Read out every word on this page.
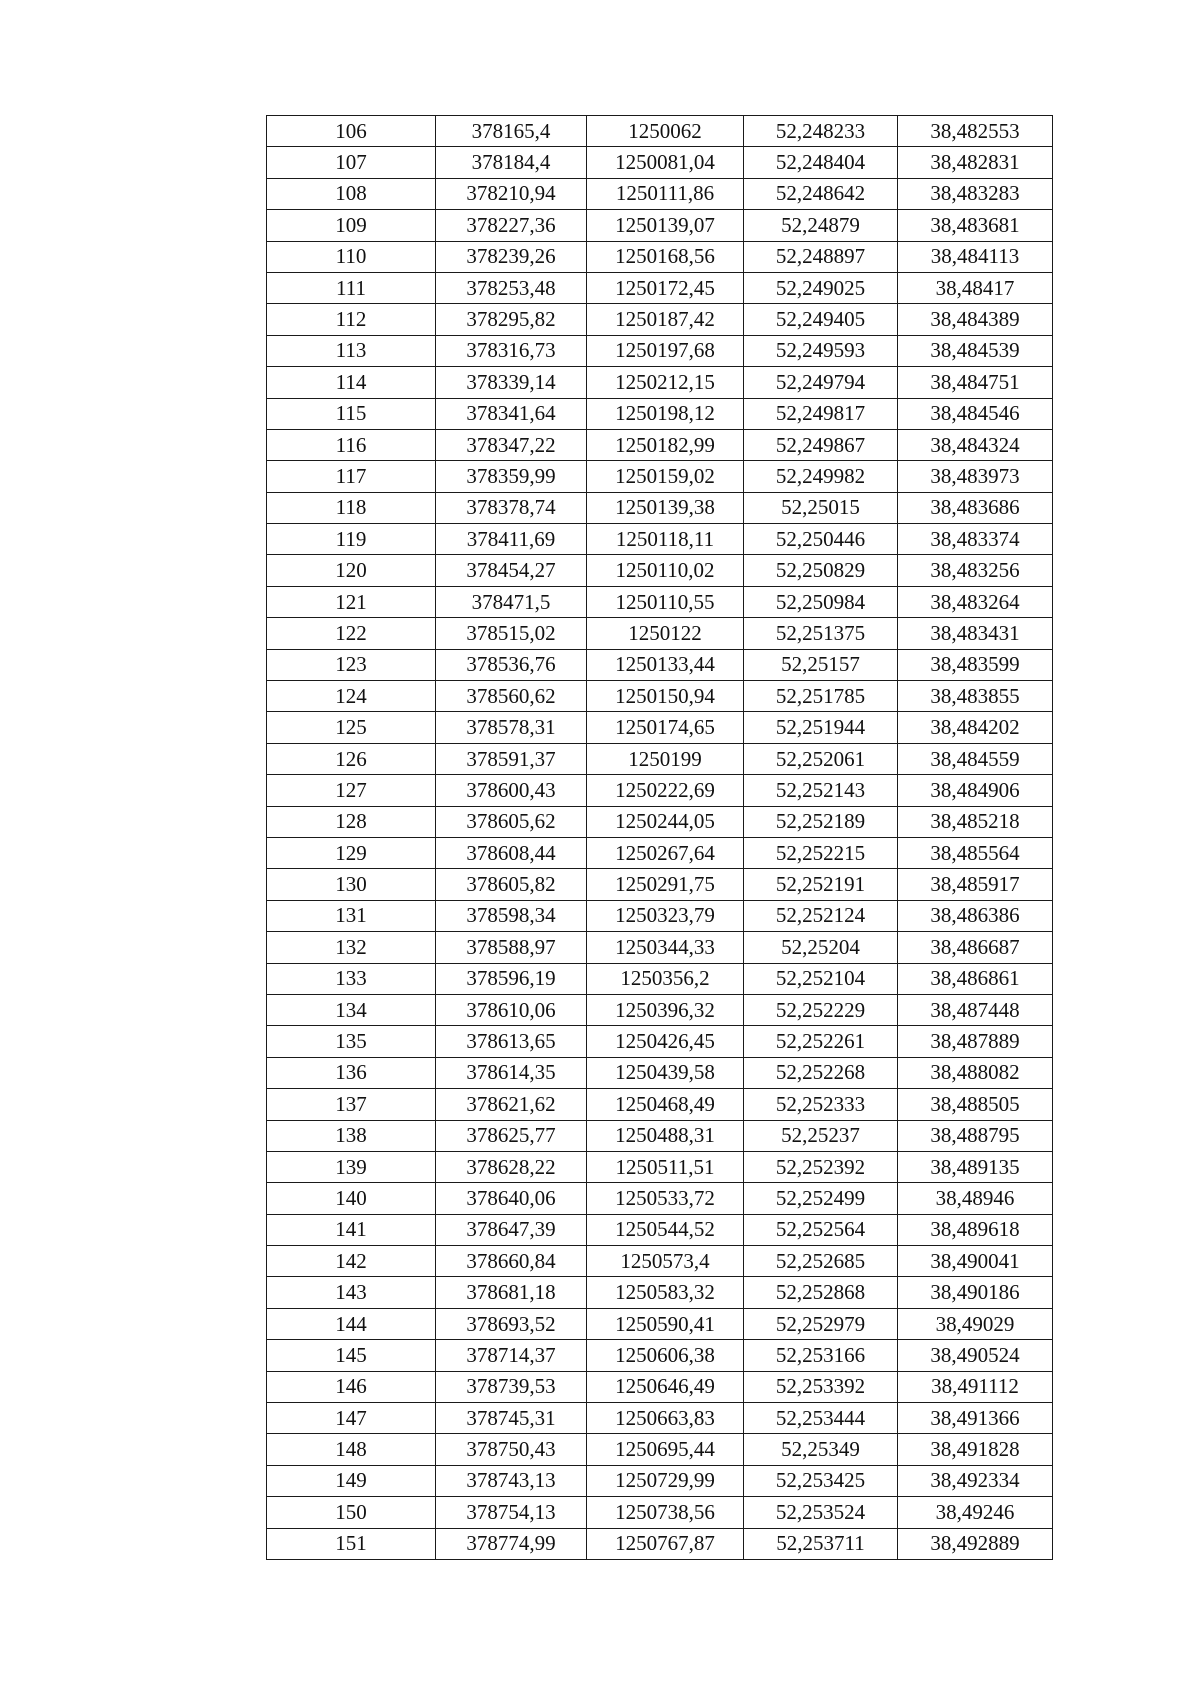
106	378165,4	1250062	52,248233	38,482553
107	378184,4	1250081,04	52,248404	38,482831
108	378210,94	1250111,86	52,248642	38,483283
109	378227,36	1250139,07	52,24879	38,483681
110	378239,26	1250168,56	52,248897	38,484113
111	378253,48	1250172,45	52,249025	38,48417
112	378295,82	1250187,42	52,249405	38,484389
113	378316,73	1250197,68	52,249593	38,484539
114	378339,14	1250212,15	52,249794	38,484751
115	378341,64	1250198,12	52,249817	38,484546
116	378347,22	1250182,99	52,249867	38,484324
117	378359,99	1250159,02	52,249982	38,483973
118	378378,74	1250139,38	52,25015	38,483686
119	378411,69	1250118,11	52,250446	38,483374
120	378454,27	1250110,02	52,250829	38,483256
121	378471,5	1250110,55	52,250984	38,483264
122	378515,02	1250122	52,251375	38,483431
123	378536,76	1250133,44	52,25157	38,483599
124	378560,62	1250150,94	52,251785	38,483855
125	378578,31	1250174,65	52,251944	38,484202
126	378591,37	1250199	52,252061	38,484559
127	378600,43	1250222,69	52,252143	38,484906
128	378605,62	1250244,05	52,252189	38,485218
129	378608,44	1250267,64	52,252215	38,485564
130	378605,82	1250291,75	52,252191	38,485917
131	378598,34	1250323,79	52,252124	38,486386
132	378588,97	1250344,33	52,25204	38,486687
133	378596,19	1250356,2	52,252104	38,486861
134	378610,06	1250396,32	52,252229	38,487448
135	378613,65	1250426,45	52,252261	38,487889
136	378614,35	1250439,58	52,252268	38,488082
137	378621,62	1250468,49	52,252333	38,488505
138	378625,77	1250488,31	52,25237	38,488795
139	378628,22	1250511,51	52,252392	38,489135
140	378640,06	1250533,72	52,252499	38,48946
141	378647,39	1250544,52	52,252564	38,489618
142	378660,84	1250573,4	52,252685	38,490041
143	378681,18	1250583,32	52,252868	38,490186
144	378693,52	1250590,41	52,252979	38,49029
145	378714,37	1250606,38	52,253166	38,490524
146	378739,53	1250646,49	52,253392	38,491112
147	378745,31	1250663,83	52,253444	38,491366
148	378750,43	1250695,44	52,25349	38,491828
149	378743,13	1250729,99	52,253425	38,492334
150	378754,13	1250738,56	52,253524	38,49246
151	378774,99	1250767,87	52,253711	38,492889
